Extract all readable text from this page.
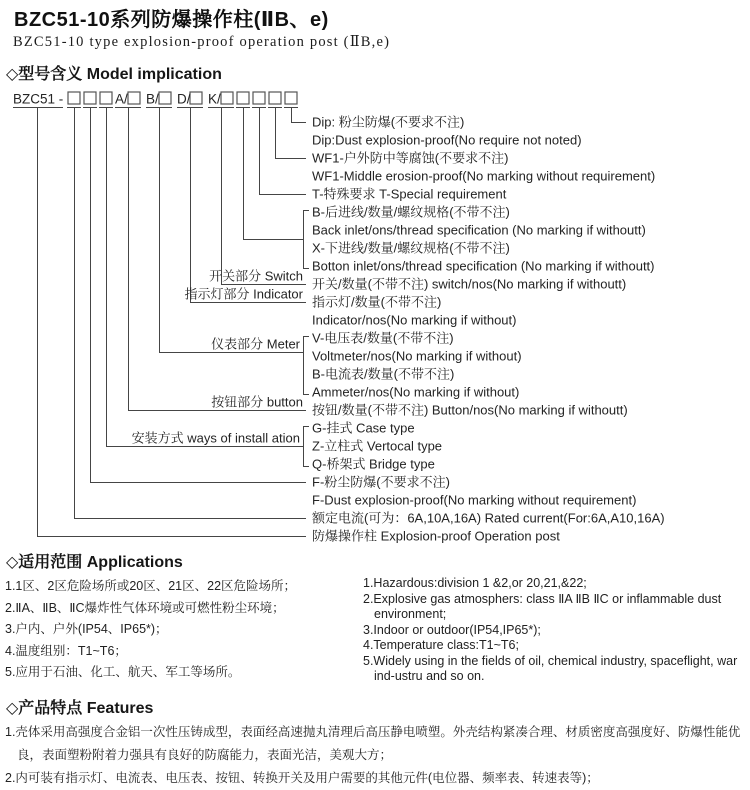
BZC51-10系列防爆操作柱(ⅡB、e)

BZC51-10 type explosion-proof operation post (ⅡB,e)

◇型号含义 Model implication
BZC51 -	A/ B/ D/ K/
Dip: 粉尘防爆(不要求不注)
Dip:Dust explosion-proof(No require not noted)
WF1-户外防中等腐蚀(不要求不注)
WF1-Middle erosion-proof(No marking without requirement)
T-特殊要求 T-Special requirement
B-后进线/数量/螺纹规格(不带不注)
Back inlet/ons/thread specification (No marking if withoutt)
X-下进线/数量/螺纹规格(不带不注)
Botton inlet/ons/thread specification (No marking if withoutt)
开关/数量(不带不注) switch/nos(No marking if withoutt)
指示灯/数量(不带不注)
Indicator/nos(No marking if without)
V-电压表/数量(不带不注)
Voltmeter/nos(No marking if without)
B-电流表/数量(不带不注)
Ammeter/nos(No marking if without)
按钮/数量(不带不注) Button/nos(No marking if withoutt)
G-挂式 Case type
Z-立柱式 Vertocal type
Q-桥架式 Bridge type
F-粉尘防爆(不要求不注)
F-Dust explosion-proof(No marking without requirement)
额定电流(可为：6A,10A,16A) Rated current(For:6A,A10,16A)
防爆操作柱 Explosion-proof Operation post
开关部分 Switch
指示灯部分 Indicator
仪表部分 Meter
按钮部分 button
安装方式 ways of install ation
◇适用范围 Applications
1.1区、2区危险场所或20区、21区、22区危险场所；
2.ⅡA、ⅡB、ⅡC爆炸性气体环境或可燃性粉尘环境；
3.户内、户外(IP54、IP65*)；
4.温度组别：T1~T6；
5.应用于石油、化工、航天、军工等场所。
1.Hazardous:division 1 &2,or 20,21,&22;
2.Explosive gas atmosphers: class ⅡA ⅡB ⅡC or inflammable dust environment;
3.Indoor or outdoor(IP54,IP65*);
4.Temperature class:T1~T6;
5.Widely using in the fields of oil, chemical industry, spaceflight, war ind-ustru and so on.
◇产品特点 Features
1.壳体采用高强度合金铝一次性压铸成型，表面经高速抛丸清理后高压静电喷塑。外壳结构紧凑合理、材质密度高强度好、防爆性能优良，表面塑粉附着力强具有良好的防腐能力，表面光洁，美观大方；
2.内可装有指示灯、电流表、电压表、按钮、转换开关及用户需要的其他元件(电位器、频率表、转速表等)；
